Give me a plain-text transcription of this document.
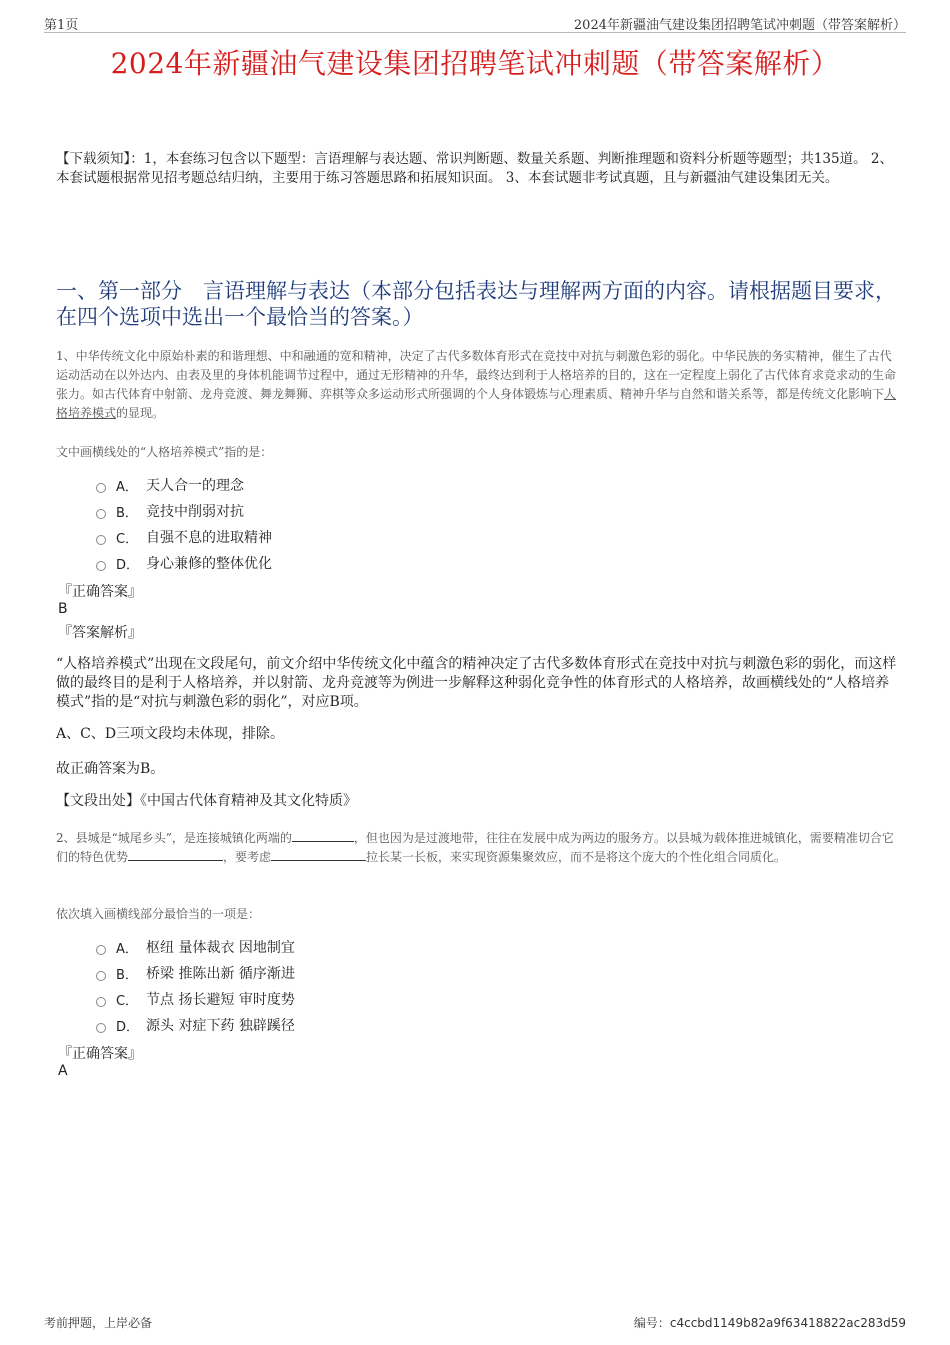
第1页	2024年新疆油气建设集团招聘笔试冲刺题（带答案解析）
2024年新疆油气建设集团招聘笔试冲刺题（带答案解析）
【下载须知】：1，本套练习包含以下题型：言语理解与表达题、常识判断题、数量关系题、判断推理题和资料分析题等题型；共135道。 2、本套试题根据常见招考题总结归纳，主要用于练习答题思路和拓展知识面。 3、本套试题非考试真题，且与新疆油气建设集团无关。
一、第一部分　言语理解与表达（本部分包括表达与理解两方面的内容。请根据题目要求，在四个选项中选出一个最恰当的答案。）
1、中华传统文化中原始朴素的和谐理想、中和融通的宽和精神，决定了古代多数体育形式在竞技中对抗与刺激色彩的弱化。中华民族的务实精神，催生了古代运动活动在以外达内、由表及里的身体机能调节过程中，通过无形精神的升华，最终达到利于人格培养的目的，这在一定程度上弱化了古代体育求竞求动的生命张力。如古代体育中射箭、龙舟竞渡、舞龙舞狮、弈棋等众多运动形式所强调的个人身体锻炼与心理素质、精神升华与自然和谐关系等，都是传统文化影响下人格培养模式的显现。
文中画横线处的“人格培养模式”指的是：
A． 天人合一的理念
B． 竞技中削弱对抗
C． 自强不息的进取精神
D． 身心兼修的整体优化
『正确答案』
B
『答案解析』
“人格培养模式”出现在文段尾句，前文介绍中华传统文化中蕴含的精神决定了古代多数体育形式在竞技中对抗与刺激色彩的弱化，而这样做的最终目的是利于人格培养，并以射箭、龙舟竞渡等为例进一步解释这种弱化竞争性的体育形式的人格培养，故画横线处的“人格培养模式”指的是“对抗与刺激色彩的弱化”，对应B项。
A、C、D三项文段均未体现，排除。
故正确答案为B。
【文段出处】《中国古代体育精神及其文化特质》
2、县城是“城尾乡头”，是连接城镇化两端的	，但也因为是过渡地带，往往在发展中成为两边的服务方。以县城为载体推进城镇化，需要精准切合它们的特色优势	，要考虑	拉长某一长板，来实现资源集聚效应，而不是将这个庞大的个性化组合同质化。
依次填入画横线部分最恰当的一项是：
A． 枢纽 量体裁衣 因地制宜
B． 桥梁 推陈出新 循序渐进
C． 节点 扬长避短 审时度势
D． 源头 对症下药 独辟蹊径
『正确答案』
A
考前押题，上岸必备	编号：c4ccbd1149b82a9f63418822ac283d59
